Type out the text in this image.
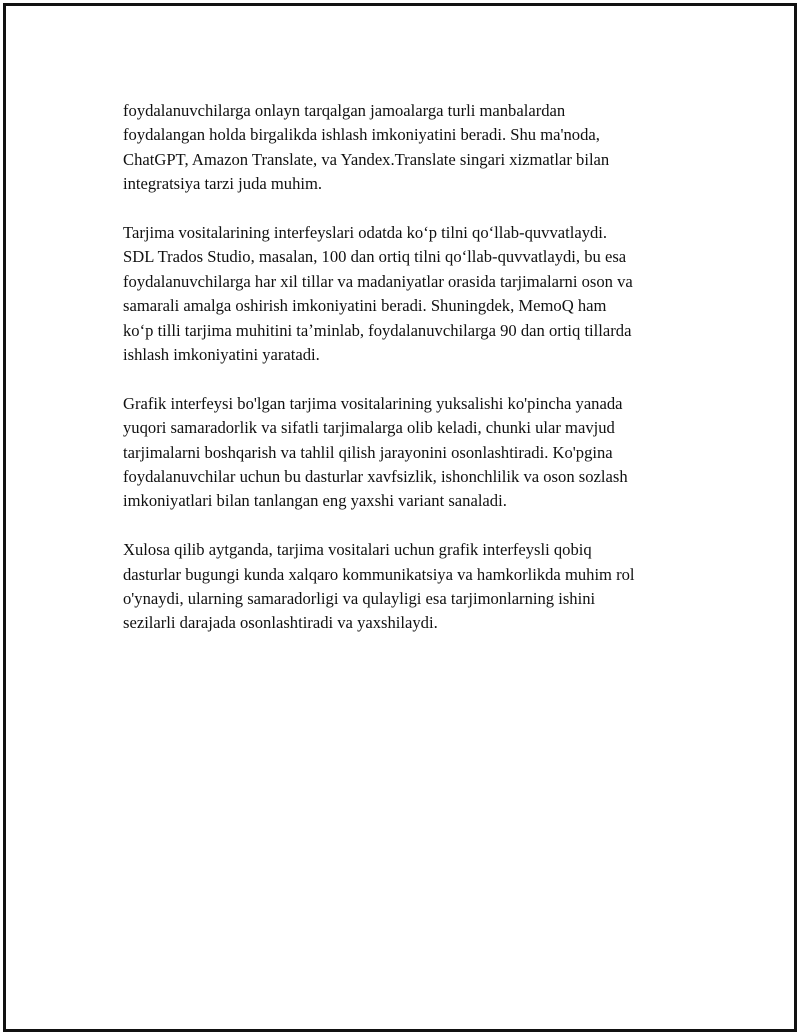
foydalanuvchilarga onlayn tarqalgan jamoalarga turli manbalardan
foydalangan holda birgalikda ishlash imkoniyatini beradi. Shu ma'noda,
ChatGPT, Amazon Translate, va Yandex.Translate singari xizmatlar bilan
integratsiya tarzi juda muhim.

Tarjima vositalarining interfeyslari odatda koʻp tilni qoʻllab-quvvatlaydi.
SDL Trados Studio, masalan, 100 dan ortiq tilni qoʻllab-quvvatlaydi, bu esa
foydalanuvchilarga har xil tillar va madaniyatlar orasida tarjimalarni oson va
samarali amalga oshirish imkoniyatini beradi. Shuningdek, MemoQ ham
koʻp tilli tarjima muhitini taʼminlab, foydalanuvchilarga 90 dan ortiq tillarda
ishlash imkoniyatini yaratadi.

Grafik interfeysi bo'lgan tarjima vositalarining yuksalishi ko'pincha yanada
yuqori samaradorlik va sifatli tarjimalarga olib keladi, chunki ular mavjud
tarjimalarni boshqarish va tahlil qilish jarayonini osonlashtiradi. Ko'pgina
foydalanuvchilar uchun bu dasturlar xavfsizlik, ishonchlilik va oson sozlash
imkoniyatlari bilan tanlangan eng yaxshi variant sanaladi.

Xulosa qilib aytganda, tarjima vositalari uchun grafik interfeysli qobiq
dasturlar bugungi kunda xalqaro kommunikatsiya va hamkorlikda muhim rol
o'ynaydi, ularning samaradorligi va qulayligi esa tarjimonlarning ishini
sezilarli darajada osonlashtiradi va yaxshilaydi.
